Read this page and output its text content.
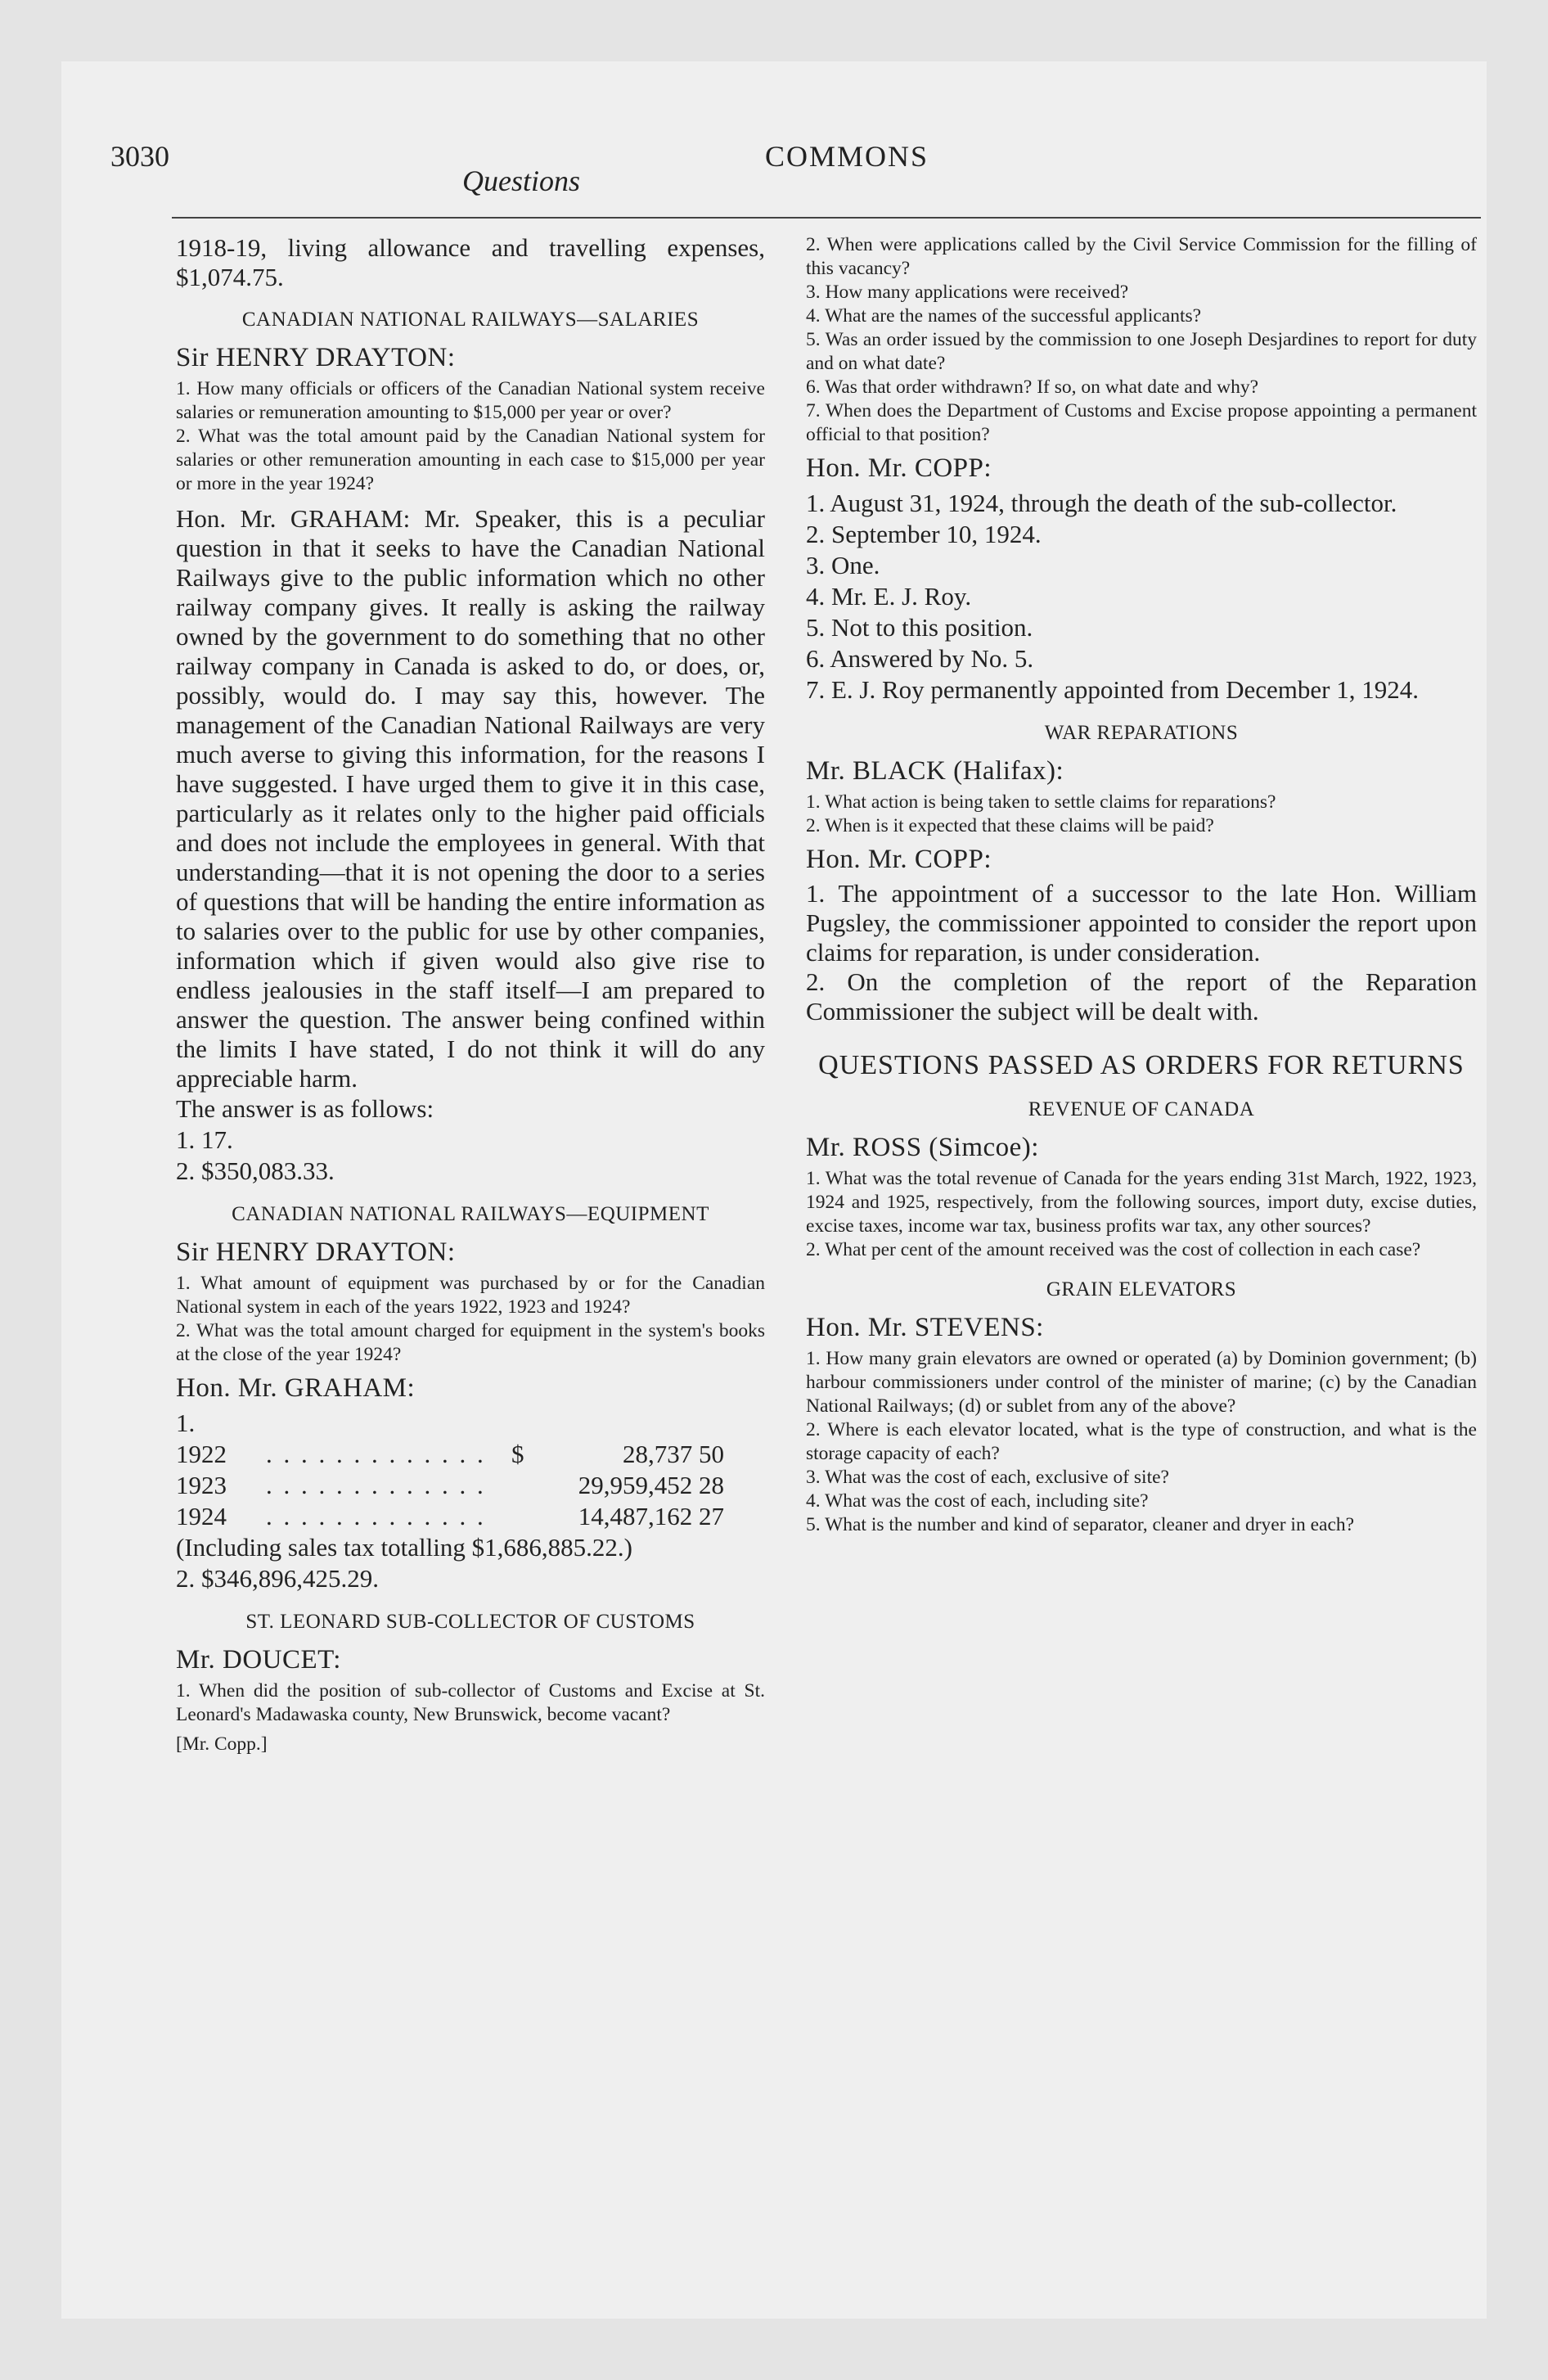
3030	COMMONS
Questions

1918-19, living allowance and travelling expenses, $1,074.75.

CANADIAN NATIONAL RAILWAYS—SALARIES
Sir HENRY DRAYTON:

1. How many officials or officers of the Canadian National system receive salaries or remuneration amounting to $15,000 per year or over?

2. What was the total amount paid by the Canadian National system for salaries or other remuneration amounting in each case to $15,000 per year or more in the year 1924?

Hon. Mr. GRAHAM: Mr. Speaker, this is a peculiar question in that it seeks to have the Canadian National Railways give to the public information which no other railway company gives. It really is asking the railway owned by the government to do something that no other railway company in Canada is asked to do, or does, or, possibly, would do. I may say this, however. The management of the Canadian National Railways are very much averse to giving this information, for the reasons I have suggested. I have urged them to give it in this case, particularly as it relates only to the higher paid officials and does not include the employees in general. With that understanding—that it is not opening the door to a series of questions that will be handing the entire information as to salaries over to the public for use by other companies, information which if given would also give rise to endless jealousies in the staff itself—I am prepared to answer the question. The answer being confined within the limits I have stated, I do not think it will do any appreciable harm.

The answer is as follows:

1. 17.

2. $350,083.33.

CANADIAN NATIONAL RAILWAYS—EQUIPMENT
Sir HENRY DRAYTON:

1. What amount of equipment was purchased by or for the Canadian National system in each of the years 1922, 1923 and 1924?

2. What was the total amount charged for equipment in the system's books at the close of the year 1924?

Hon. Mr. GRAHAM:

1.

1922	. . . . . . . . . . . . .	$	28,737 50
1923	. . . . . . . . . . . . .	29,959,452 28
1924	. . . . . . . . . . . . .	14,487,162 27

(Including sales tax totalling $1,686,885.22.)

2. $346,896,425.29.

ST. LEONARD SUB-COLLECTOR OF CUSTOMS
Mr. DOUCET:

1. When did the position of sub-collector of Customs and Excise at St. Leonard's Madawaska county, New Brunswick, become vacant?

[Mr. Copp.]

2. When were applications called by the Civil Service Commission for the filling of this vacancy?

3. How many applications were received?

4. What are the names of the successful applicants?

5. Was an order issued by the commission to one Joseph Desjardines to report for duty and on what date?

6. Was that order withdrawn? If so, on what date and why?

7. When does the Department of Customs and Excise propose appointing a permanent official to that position?

Hon. Mr. COPP:

1. August 31, 1924, through the death of the sub-collector.

2. September 10, 1924.

3. One.

4. Mr. E. J. Roy.

5. Not to this position.

6. Answered by No. 5.

7. E. J. Roy permanently appointed from December 1, 1924.

WAR REPARATIONS
Mr. BLACK (Halifax):

1. What action is being taken to settle claims for reparations?

2. When is it expected that these claims will be paid?

Hon. Mr. COPP:

1. The appointment of a successor to the late Hon. William Pugsley, the commissioner appointed to consider the report upon claims for reparation, is under consideration.

2. On the completion of the report of the Reparation Commissioner the subject will be dealt with.

QUESTIONS PASSED AS ORDERS FOR RETURNS
REVENUE OF CANADA
Mr. ROSS (Simcoe):

1. What was the total revenue of Canada for the years ending 31st March, 1922, 1923, 1924 and 1925, respectively, from the following sources, import duty, excise duties, excise taxes, income war tax, business profits war tax, any other sources?

2. What per cent of the amount received was the cost of collection in each case?

GRAIN ELEVATORS
Hon. Mr. STEVENS:

1. How many grain elevators are owned or operated (a) by Dominion government; (b) harbour commissioners under control of the minister of marine; (c) by the Canadian National Railways; (d) or sublet from any of the above?

2. Where is each elevator located, what is the type of construction, and what is the storage capacity of each?

3. What was the cost of each, exclusive of site?

4. What was the cost of each, including site?

5. What is the number and kind of separator, cleaner and dryer in each?
